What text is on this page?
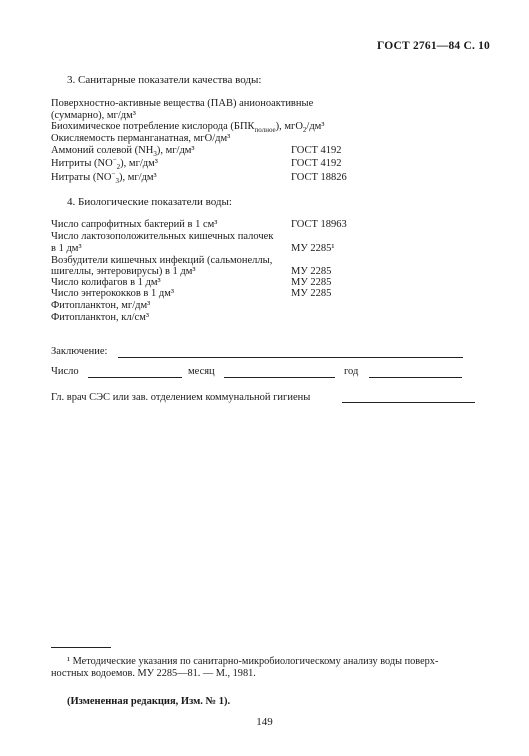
ГОСТ 2761—84 С. 10
3. Санитарные показатели качества воды:
Поверхностно-активные вещества (ПАВ) анионоактивные
(суммарно), мг/дм³
Биохимическое потребление кислорода $(БПК_{полное})$, мгО$_2$/дм³
Окисляемость перманганатная, мгО/дм³
Аммоний солевой $(NH_3)$, мг/дм³	ГОСТ 4192
Нитриты $(NO^-_2)$, мг/дм³	ГОСТ 4192
Нитраты $(NO^-_3)$, мг/дм³	ГОСТ 18826
4. Биологические показатели воды:
Число сапрофитных бактерий в 1 см³	ГОСТ 18963
Число лактозоположительных кишечных палочек
в 1 дм³	МУ 2285¹
Возбудители кишечных инфекций (сальмонеллы,
шигеллы, энтеровирусы) в 1 дм³	МУ 2285
Число колифагов в 1 дм³	МУ 2285
Число энтерококков в 1 дм³	МУ 2285
Фитопланктон, мг/дм³
Фитопланктон, кл/см³
Заключение:
Число	месяц	год
Гл. врач СЭС или зав. отделением коммунальной гигиены
¹ Методические указания по санитарно-микробиологическому анализу воды поверх-
ностных водоемов. МУ 2285—81. — М., 1981.
(Измененная редакция, Изм. № 1).
149
